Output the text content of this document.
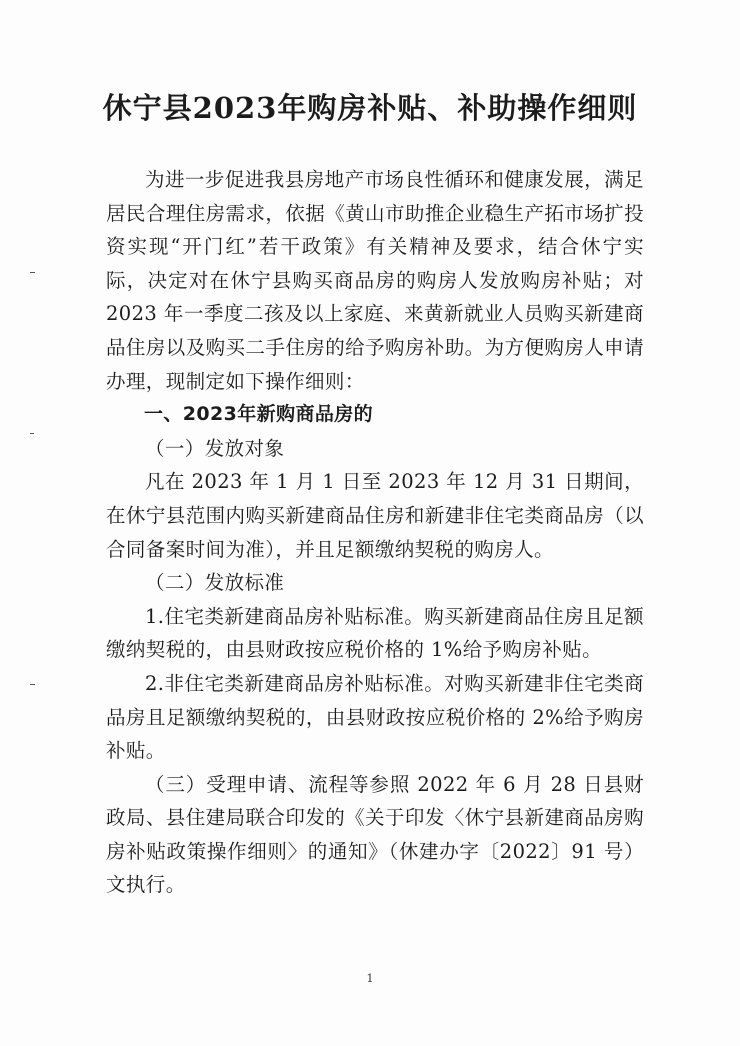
休宁县2023年购房补贴、补助操作细则

为进一步促进我县房地产市场良性循环和健康发展，满足居民合理住房需求，依据《黄山市助推企业稳生产拓市场扩投资实现“开门红”若干政策》有关精神及要求，结合休宁实际，决定对在休宁县购买商品房的购房人发放购房补贴；对 2023 年一季度二孩及以上家庭、来黄新就业人员购买新建商品住房以及购买二手住房的给予购房补助。为方便购房人申请办理，现制定如下操作细则：

一、2023年新购商品房的

（一）发放对象

凡在 2023 年 1 月 1 日至 2023 年 12 月 31 日期间，在休宁县范围内购买新建商品住房和新建非住宅类商品房（以合同备案时间为准），并且足额缴纳契税的购房人。

（二）发放标准

1.住宅类新建商品房补贴标准。购买新建商品住房且足额缴纳契税的，由县财政按应税价格的 1%给予购房补贴。

2.非住宅类新建商品房补贴标准。对购买新建非住宅类商品房且足额缴纳契税的，由县财政按应税价格的 2%给予购房补贴。

（三）受理申请、流程等参照 2022 年 6 月 28 日县财政局、县住建局联合印发的《关于印发〈休宁县新建商品房购房补贴政策操作细则〉的通知》（休建办字〔2022〕91 号）文执行。

1
